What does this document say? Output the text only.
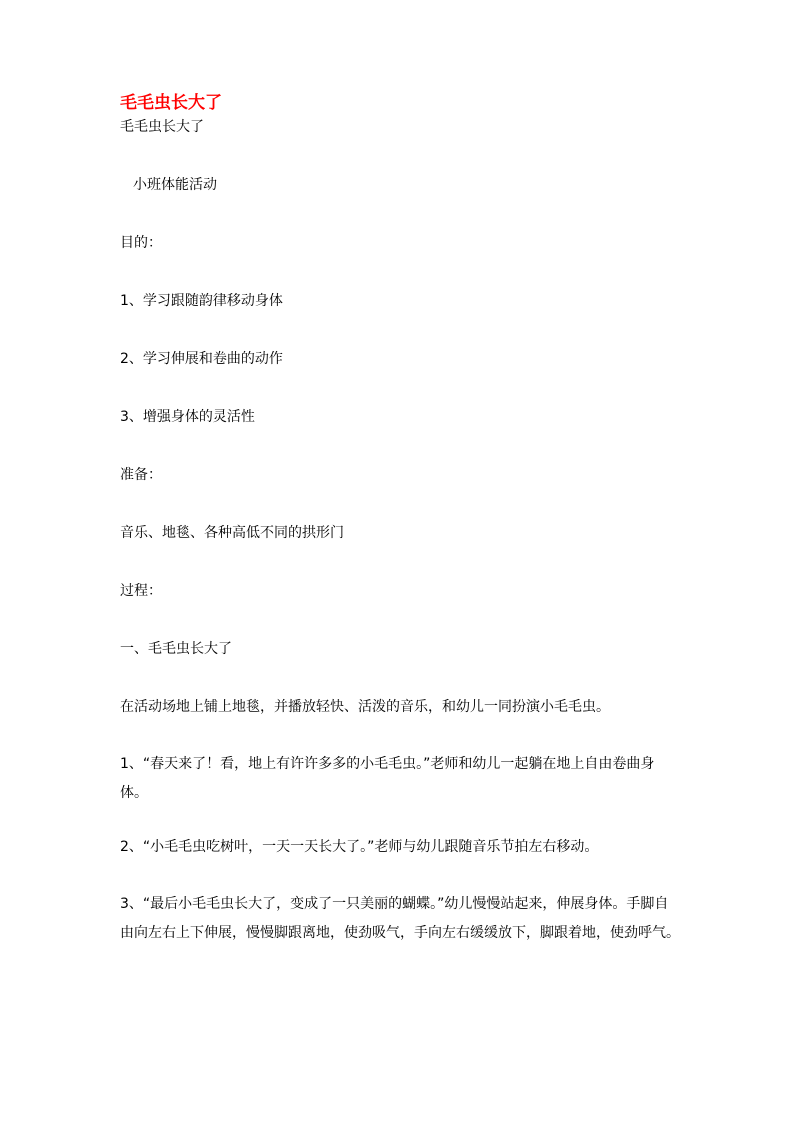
毛毛虫长大了
毛毛虫长大了
小班体能活动
目的：
1、学习跟随韵律移动身体
2、学习伸展和卷曲的动作
3、增强身体的灵活性
准备：
音乐、地毯、各种高低不同的拱形门
过程：
一、毛毛虫长大了
在活动场地上铺上地毯，并播放轻快、活泼的音乐，和幼儿一同扮演小毛毛虫。
1、“春天来了！看，地上有许许多多的小毛毛虫。”老师和幼儿一起躺在地上自由卷曲身体。
2、“小毛毛虫吃树叶，一天一天长大了。”老师与幼儿跟随音乐节拍左右移动。
3、“最后小毛毛虫长大了，变成了一只美丽的蝴蝶。”幼儿慢慢站起来，伸展身体。手脚自由向左右上下伸展，慢慢脚跟离地，使劲吸气，手向左右缓缓放下，脚跟着地，使劲呼气。
